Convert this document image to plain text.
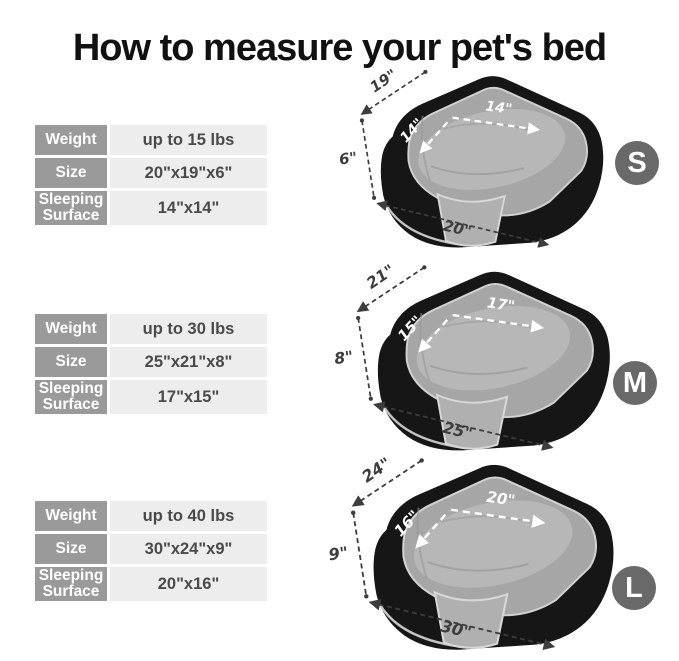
How to measure your pet's bed
Weight	up to 15 lbs
Size	20"x19"x6"
Sleeping Surface	14"x14"
19"
6"
20"
14"
14"
S
Weight	up to 30 lbs
Size	25"x21"x8"
Sleeping Surface	17"x15"
21"
8"
25"
15"
17"
M
Weight	up to 40 lbs
Size	30"x24"x9"
Sleeping Surface	20"x16"
24"
9"
30"
16"
20"
L
